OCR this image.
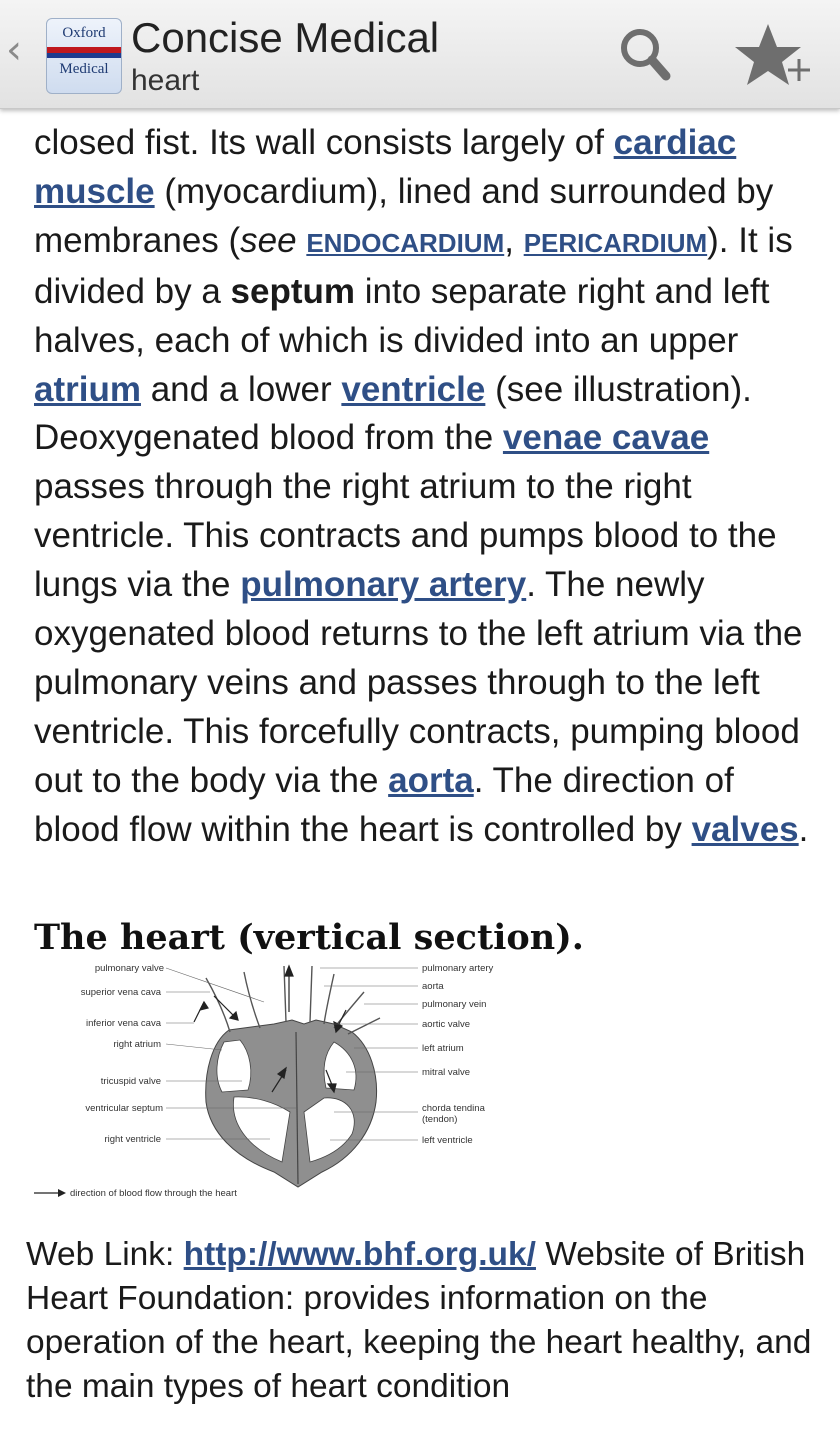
‹	Oxford
Medical
Concise Medical
heart

closed fist. Its wall consists largely of cardiac muscle (myocardium), lined and surrounded by membranes (see ENDOCARDIUM, PERICARDIUM). It is divided by a septum into separate right and left halves, each of which is divided into an upper atrium and a lower ventricle (see illustration). Deoxygenated blood from the venae cavae passes through the right atrium to the right ventricle. This contracts and pumps blood to the lungs via the pulmonary artery. The newly oxygenated blood returns to the left atrium via the pulmonary veins and passes through to the left ventricle. This forcefully contracts, pumping blood out to the body via the aorta. The direction of blood flow within the heart is controlled by valves.

The heart (vertical section).
pulmonary valve
superior vena cava
inferior vena cava
right atrium
tricuspid valve
ventricular septum
right ventricle
pulmonary artery
aorta
pulmonary vein
aortic valve
left atrium
mitral valve
chorda tendina
(tendon)
left ventricle
direction of blood flow through the heart
Web Link: http://www.bhf.org.uk/ Website of British Heart Foundation: provides information on the operation of the heart, keeping the heart healthy, and the main types of heart condition
